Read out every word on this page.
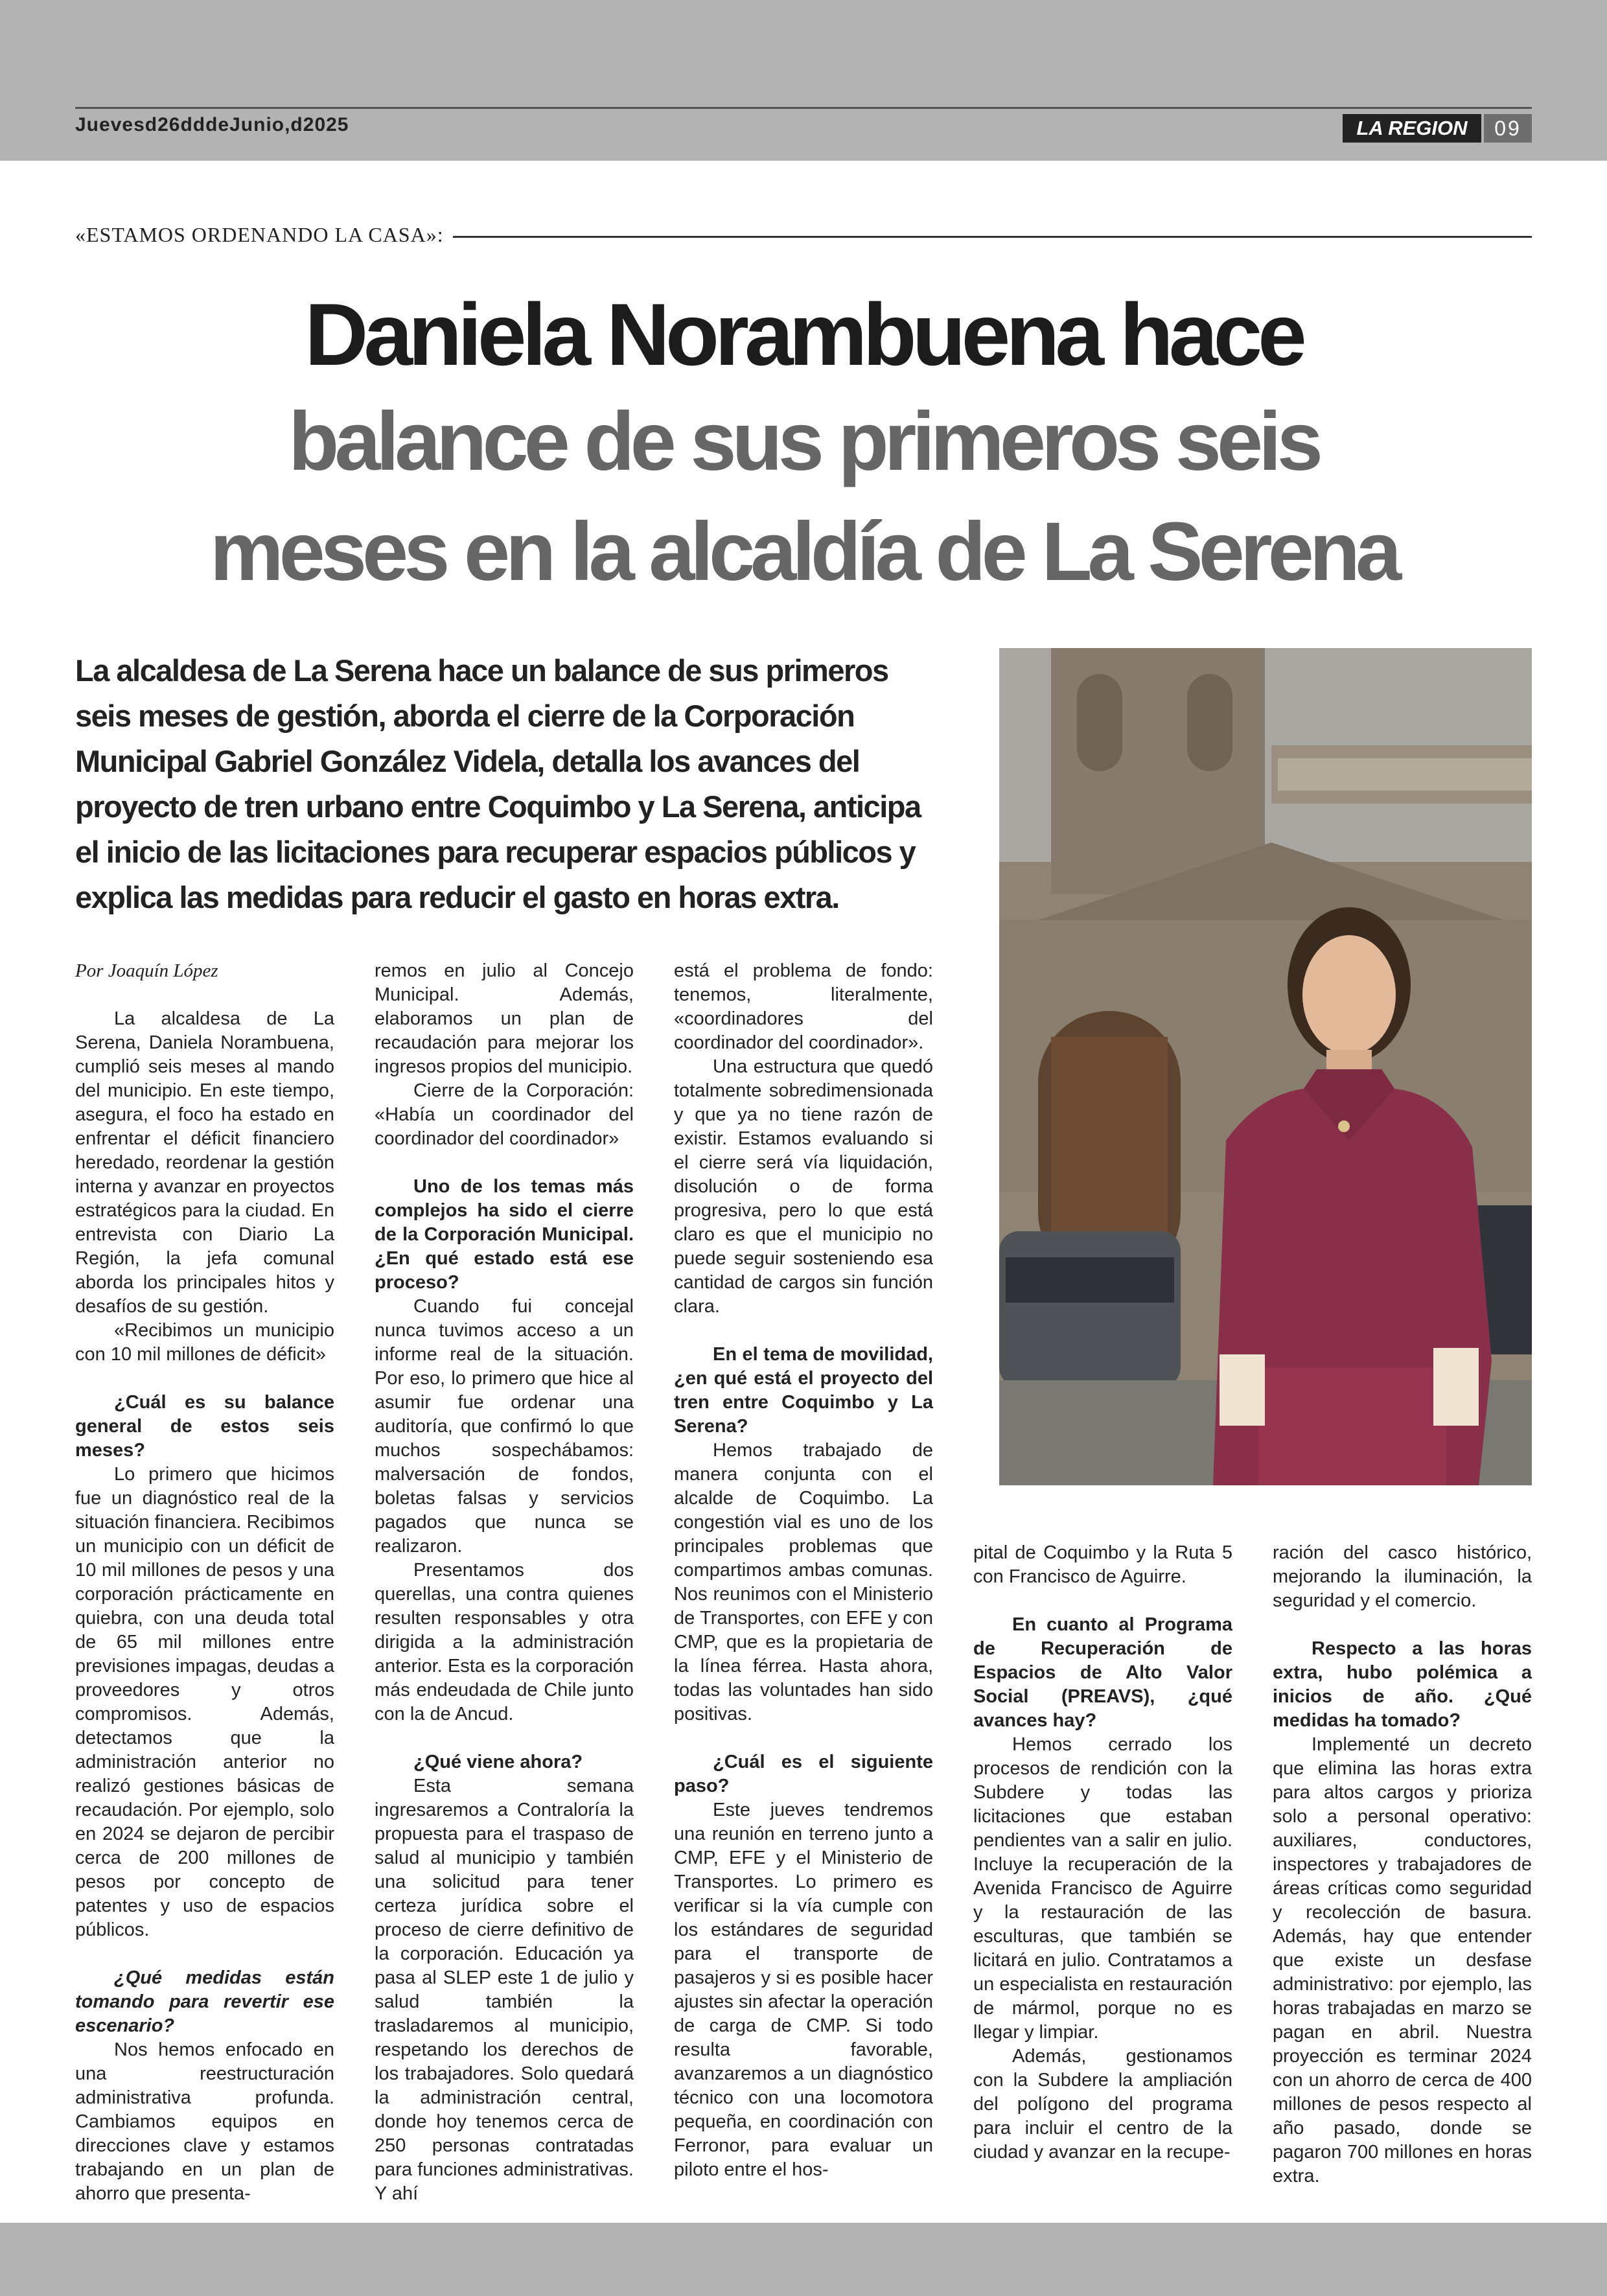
Juevesd26dddeJunio,d2025	LA REGION	09
«ESTAMOS ORDENANDO LA CASA»:
Daniela Norambuena hace
balance de sus primeros seis
meses en la alcaldía de La Serena
La alcaldesa de La Serena hace un balance de sus primeros seis meses de gestión, aborda el cierre de la Corporación Municipal Gabriel González Videla, detalla los avances del proyecto de tren urbano entre Coquimbo y La Serena, anticipa el inicio de las licitaciones para recuperar espacios públicos y explica las medidas para reducir el gasto en horas extra.

Por Joaquín López

La alcaldesa de La Serena, Daniela Norambuena, cumplió seis meses al mando del municipio. En este tiempo, asegura, el foco ha estado en enfrentar el déficit financiero heredado, reordenar la gestión interna y avanzar en proyectos estratégicos para la ciudad. En entrevista con Diario La Región, la jefa comunal aborda los principales hitos y desafíos de su gestión.

«Recibimos un municipio con 10 mil millones de déficit»

¿Cuál es su balance general de estos seis meses?

Lo primero que hicimos fue un diagnóstico real de la situación financiera. Recibimos un municipio con un déficit de 10 mil millones de pesos y una corporación prácticamente en quiebra, con una deuda total de 65 mil millones entre previsiones impagas, deudas a proveedores y otros compromisos. Además, detectamos que la administración anterior no realizó gestiones básicas de recaudación. Por ejemplo, solo en 2024 se dejaron de percibir cerca de 200 millones de pesos por concepto de patentes y uso de espacios públicos.

¿Qué medidas están tomando para revertir ese escenario?

Nos hemos enfocado en una reestructuración administrativa profunda. Cambiamos equipos en direcciones clave y estamos trabajando en un plan de ahorro que presenta-

remos en julio al Concejo Municipal. Además, elaboramos un plan de recaudación para mejorar los ingresos propios del municipio.

Cierre de la Corporación: «Había un coordinador del coordinador del coordinador»

Uno de los temas más complejos ha sido el cierre de la Corporación Municipal. ¿En qué estado está ese proceso?

Cuando fui concejal nunca tuvimos acceso a un informe real de la situación. Por eso, lo primero que hice al asumir fue ordenar una auditoría, que confirmó lo que muchos sospechábamos: malversación de fondos, boletas falsas y servicios pagados que nunca se realizaron.

Presentamos dos querellas, una contra quienes resulten responsables y otra dirigida a la administración anterior. Esta es la corporación más endeudada de Chile junto con la de Ancud.

¿Qué viene ahora?

Esta semana ingresaremos a Contraloría la propuesta para el traspaso de salud al municipio y también una solicitud para tener certeza jurídica sobre el proceso de cierre definitivo de la corporación. Educación ya pasa al SLEP este 1 de julio y salud también la trasladaremos al municipio, respetando los derechos de los trabajadores. Solo quedará la administración central, donde hoy tenemos cerca de 250 personas contratadas para funciones administrativas. Y ahí

está el problema de fondo: tenemos, literalmente, «coordinadores del coordinador del coordinador».

Una estructura que quedó totalmente sobredimensionada y que ya no tiene razón de existir. Estamos evaluando si el cierre será vía liquidación, disolución o de forma progresiva, pero lo que está claro es que el municipio no puede seguir sosteniendo esa cantidad de cargos sin función clara.

En el tema de movilidad, ¿en qué está el proyecto del tren entre Coquimbo y La Serena?

Hemos trabajado de manera conjunta con el alcalde de Coquimbo. La congestión vial es uno de los principales problemas que compartimos ambas comunas. Nos reunimos con el Ministerio de Transportes, con EFE y con CMP, que es la propietaria de la línea férrea. Hasta ahora, todas las voluntades han sido positivas.

¿Cuál es el siguiente paso?

Este jueves tendremos una reunión en terreno junto a CMP, EFE y el Ministerio de Transportes. Lo primero es verificar si la vía cumple con los estándares de seguridad para el transporte de pasajeros y si es posible hacer ajustes sin afectar la operación de carga de CMP. Si todo resulta favorable, avanzaremos a un diagnóstico técnico con una locomotora pequeña, en coordinación con Ferronor, para evaluar un piloto entre el hos-

pital de Coquimbo y la Ruta 5 con Francisco de Aguirre.

En cuanto al Programa de Recuperación de Espacios de Alto Valor Social (PREAVS), ¿qué avances hay?

Hemos cerrado los procesos de rendición con la Subdere y todas las licitaciones que estaban pendientes van a salir en julio. Incluye la recuperación de la Avenida Francisco de Aguirre y la restauración de las esculturas, que también se licitará en julio. Contratamos a un especialista en restauración de mármol, porque no es llegar y limpiar.

Además, gestionamos con la Subdere la ampliación del polígono del programa para incluir el centro de la ciudad y avanzar en la recupe-

ración del casco histórico, mejorando la iluminación, la seguridad y el comercio.

Respecto a las horas extra, hubo polémica a inicios de año. ¿Qué medidas ha tomado?

Implementé un decreto que elimina las horas extra para altos cargos y prioriza solo a personal operativo: auxiliares, conductores, inspectores y trabajadores de áreas críticas como seguridad y recolección de basura. Además, hay que entender que existe un desfase administrativo: por ejemplo, las horas trabajadas en marzo se pagan en abril. Nuestra proyección es terminar 2024 con un ahorro de cerca de 400 millones de pesos respecto al año pasado, donde se pagaron 700 millones en horas extra.
